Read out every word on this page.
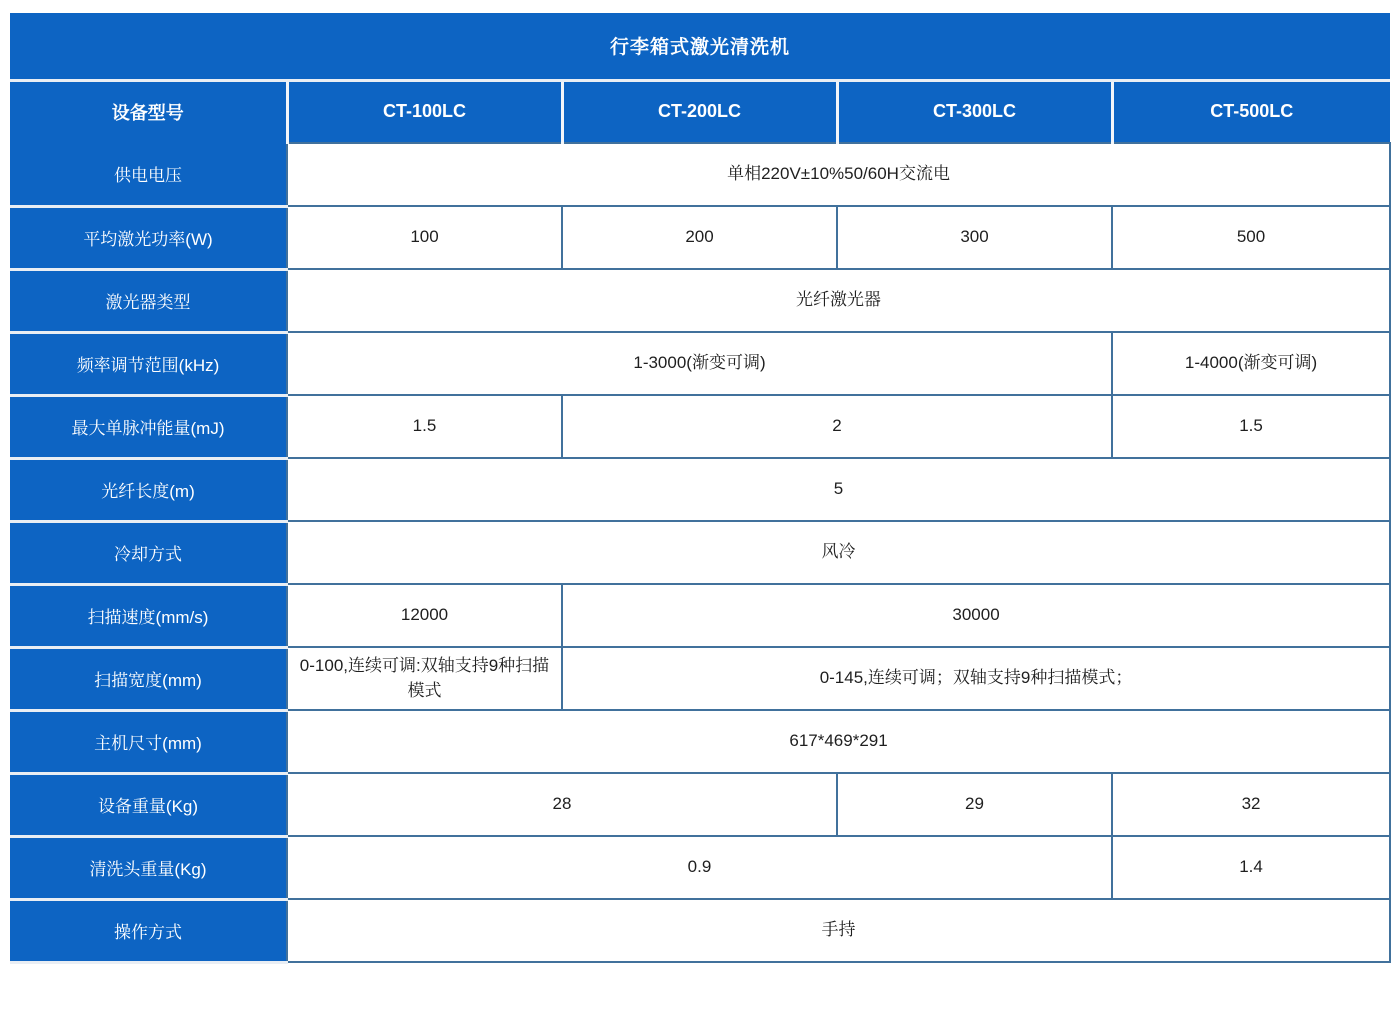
行李箱式激光清洗机				
设备型号	CT-100LC	CT-200LC	CT-300LC	CT-500LC
供电电压	单相220V±10%50/60H交流电			
平均激光功率(W)	100	200	300	500
激光器类型	光纤激光器			
频率调节范围(kHz)	1-3000(渐变可调)			1-4000(渐变可调)
最大单脉冲能量(mJ)	1.5	2		1.5
光纤长度(m)	5			
冷却方式	风冷			
扫描速度(mm/s)	12000	30000		
扫描宽度(mm)	0-100,连续可调:双轴支持9种扫描模式	0-145,连续可调；双轴支持9种扫描模式；		
主机尺寸(mm)	617*469*291			
设备重量(Kg)	28		29	32
清洗头重量(Kg)	0.9			1.4
操作方式	手持			
